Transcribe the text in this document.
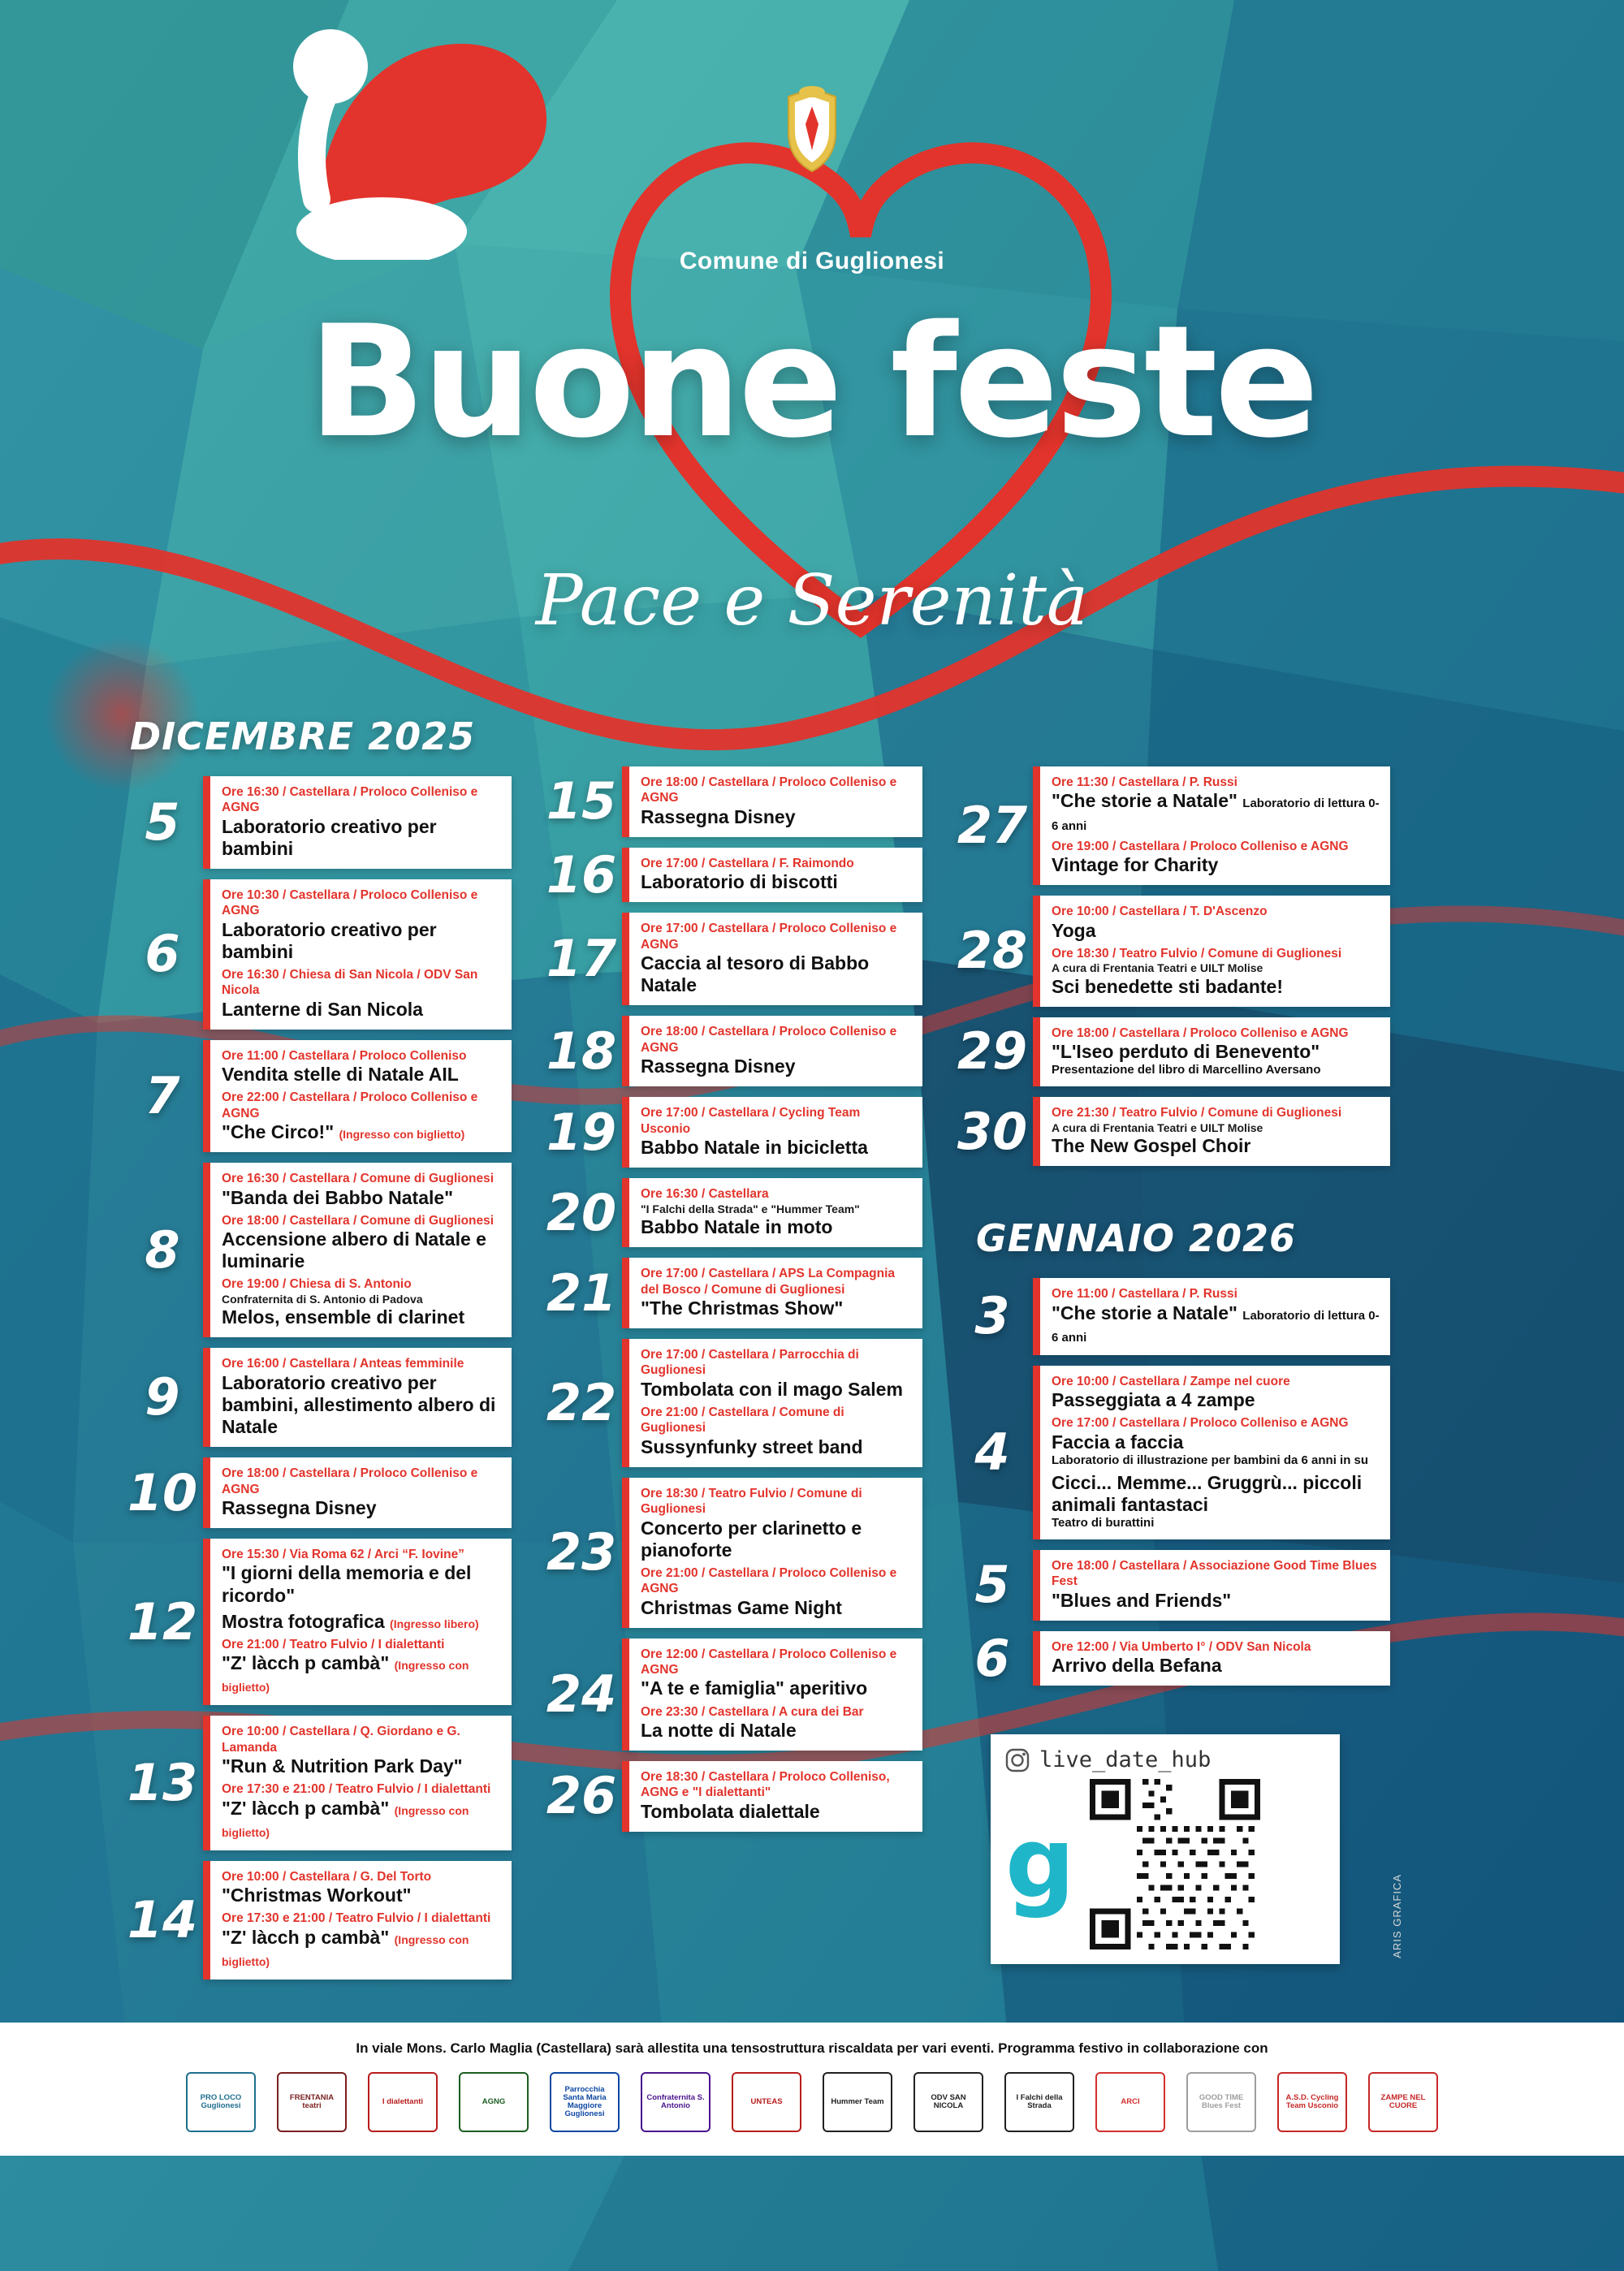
Comune di Guglionesi
Buone feste
Pace e Serenità
DICEMBRE 2025
5
Ore 16:30 / Castellara / Proloco Colleniso e AGNG
Laboratorio creativo per bambini
6
Ore 10:30 / Castellara / Proloco Colleniso e AGNG
Laboratorio creativo per bambini
Ore 16:30 / Chiesa di San Nicola / ODV San Nicola
Lanterne di San Nicola
7
Ore 11:00 / Castellara / Proloco Colleniso
Vendita stelle di Natale AIL
Ore 22:00 / Castellara / Proloco Colleniso e AGNG
"Che Circo!" (Ingresso con biglietto)
8
Ore 16:30 / Castellara / Comune di Guglionesi
"Banda dei Babbo Natale"
Ore 18:00 / Castellara / Comune di Guglionesi
Accensione albero di Natale e luminarie
Ore 19:00 / Chiesa di S. Antonio
Confraternita di S. Antonio di Padova
Melos, ensemble di clarinet
9
Ore 16:00 / Castellara / Anteas femminile
Laboratorio creativo per bambini, allestimento albero di Natale
10	Ore 18:00 / Castellara / Proloco Colleniso e AGNG
Rassegna Disney
12
Ore 15:30 / Via Roma 62 / Arci “F. Iovine”
"I giorni della memoria e del ricordo"
Mostra fotografica (Ingresso libero)
Ore 21:00 / Teatro Fulvio / I dialettanti
"Z' làcch p cambà" (Ingresso con biglietto)
13
Ore 10:00 / Castellara / Q. Giordano e G. Lamanda
"Run & Nutrition Park Day"
Ore 17:30 e 21:00 / Teatro Fulvio / I dialettanti
"Z' làcch p cambà" (Ingresso con biglietto)
14
Ore 10:00 / Castellara / G. Del Torto
"Christmas Workout"
Ore 17:30 e 21:00 / Teatro Fulvio / I dialettanti
"Z' làcch p cambà" (Ingresso con biglietto)
15	Ore 18:00 / Castellara / Proloco Colleniso e AGNG
Rassegna Disney
16	Ore 17:00 / Castellara / F. Raimondo
Laboratorio di biscotti
17
Ore 17:00 / Castellara / Proloco Colleniso e AGNG
Caccia al tesoro di Babbo Natale
18	Ore 18:00 / Castellara / Proloco Colleniso e AGNG
Rassegna Disney
19	Ore 17:00 / Castellara / Cycling Team Usconio
Babbo Natale in bicicletta
20	Ore 16:30 / Castellara
"I Falchi della Strada" e "Hummer Team"
Babbo Natale in moto
21	Ore 17:00 / Castellara / APS La Compagnia del Bosco / Comune di Guglionesi
"The Christmas Show"
22
Ore 17:00 / Castellara / Parrocchia di Guglionesi
Tombolata con il mago Salem
Ore 21:00 / Castellara / Comune di Guglionesi
Sussynfunky street band
23
Ore 18:30 / Teatro Fulvio / Comune di Guglionesi
Concerto per clarinetto e pianoforte
Ore 21:00 / Castellara / Proloco Colleniso e AGNG
Christmas Game Night
24
Ore 12:00 / Castellara / Proloco Colleniso e AGNG
"A te e famiglia" aperitivo
Ore 23:30 / Castellara / A cura dei Bar
La notte di Natale
26	Ore 18:30 / Castellara / Proloco Colleniso, AGNG e "I dialettanti"
Tombolata dialettale
27
Ore 11:30 / Castellara / P. Russi
"Che storie a Natale" Laboratorio di lettura 0-6 anni
Ore 19:00 / Castellara / Proloco Colleniso e AGNG
Vintage for Charity
28
Ore 10:00 / Castellara / T. D'Ascenzo
Yoga
Ore 18:30 / Teatro Fulvio / Comune di Guglionesi
A cura di Frentania Teatri e UILT Molise
Sci benedette sti badante!
29	Ore 18:00 / Castellara / Proloco Colleniso e AGNG
"L'Iseo perduto di Benevento"
Presentazione del libro di Marcellino Aversano
30	Ore 21:30 / Teatro Fulvio / Comune di Guglionesi
A cura di Frentania Teatri e UILT Molise
The New Gospel Choir
GENNAIO 2026
3	Ore 11:00 / Castellara / P. Russi
"Che storie a Natale" Laboratorio di lettura 0-6 anni
4
Ore 10:00 / Castellara / Zampe nel cuore
Passeggiata a 4 zampe
Ore 17:00 / Castellara / Proloco Colleniso e AGNG
Faccia a faccia
Laboratorio di illustrazione per bambini da 6 anni in su
Cicci... Memme... Gruggrù... piccoli animali fantastaci
Teatro di burattini
5	Ore 18:00 / Castellara / Associazione Good Time Blues Fest
"Blues and Friends"
6	Ore 12:00 / Via Umberto I° / ODV San Nicola
Arrivo della Befana
live_date_hub
g	ARIS GRAFICA
In viale Mons. Carlo Maglia (Castellara) sarà allestita una tensostruttura riscaldata per vari eventi. Programma festivo in collaborazione con
PRO LOCO Guglionesi
FRENTANIA teatri	I dialettanti	AGNG
Parrocchia Santa Maria Maggiore Guglionesi
Confraternita S. Antonio	UNTEAS	Hummer Team	ODV SAN NICOLA
I Falchi della Strada	ARCI	GOOD TIME Blues Fest
A.S.D. Cycling Team Usconio
ZAMPE NEL CUORE
